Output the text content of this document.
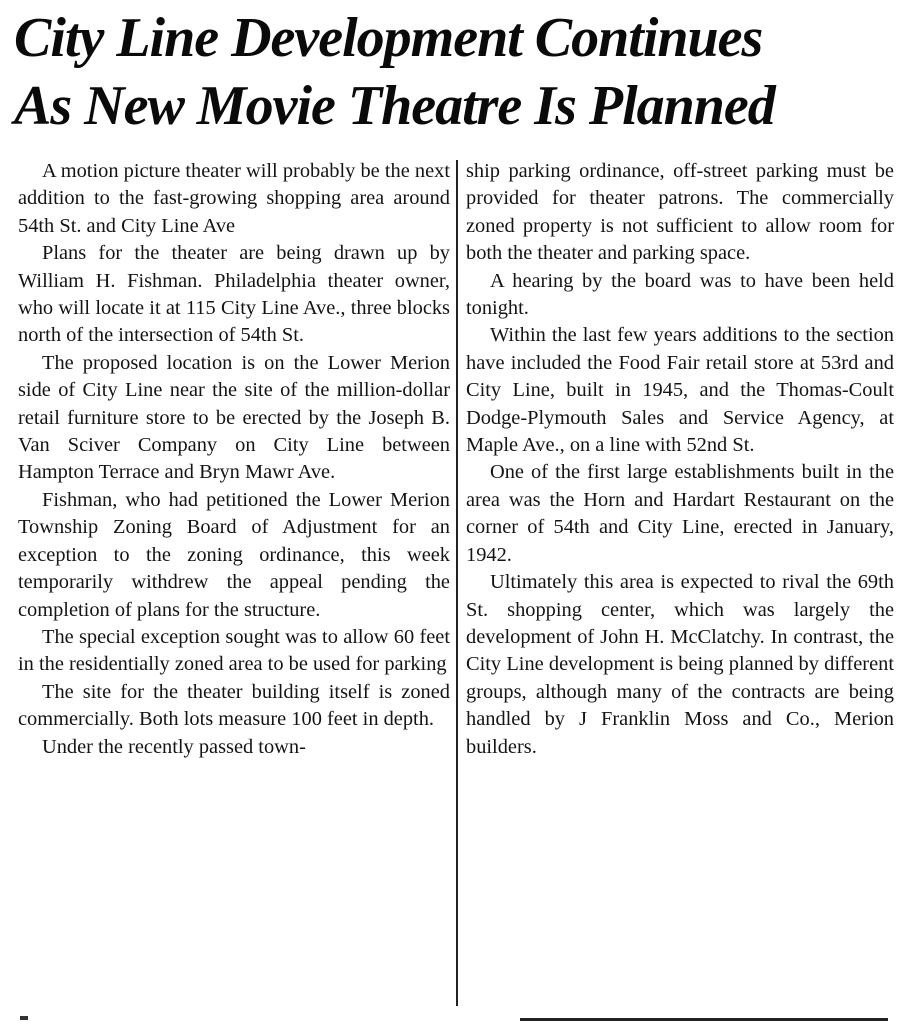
City Line Development Continues
As New Movie Theatre Is Planned

A motion picture theater will probably be the next addition to the fast-growing shopping area around 54th St. and City Line Ave

Plans for the theater are being drawn up by William H. Fishman. Philadelphia theater owner, who will locate it at 115 City Line Ave., three blocks north of the intersection of 54th St.

The proposed location is on the Lower Merion side of City Line near the site of the million-dollar retail furniture store to be erected by the Joseph B. Van Sciver Company on City Line between Hampton Terrace and Bryn Mawr Ave.

Fishman, who had petitioned the Lower Merion Township Zoning Board of Adjustment for an exception to the zoning ordinance, this week temporarily withdrew the appeal pending the completion of plans for the structure.

The special exception sought was to allow 60 feet in the residentially zoned area to be used for parking

The site for the theater building itself is zoned commercially. Both lots measure 100 feet in depth.

Under the recently passed town-

ship parking ordinance, off-street parking must be provided for theater patrons. The commercially zoned property is not sufficient to allow room for both the theater and parking space.

A hearing by the board was to have been held tonight.

Within the last few years additions to the section have included the Food Fair retail store at 53rd and City Line, built in 1945, and the Thomas-Coult Dodge-Plymouth Sales and Service Agency, at Maple Ave., on a line with 52nd St.

One of the first large establishments built in the area was the Horn and Hardart Restaurant on the corner of 54th and City Line, erected in January, 1942.

Ultimately this area is expected to rival the 69th St. shopping center, which was largely the development of John H. McClatchy. In contrast, the City Line development is being planned by different groups, although many of the contracts are being handled by J Franklin Moss and Co., Merion builders.
